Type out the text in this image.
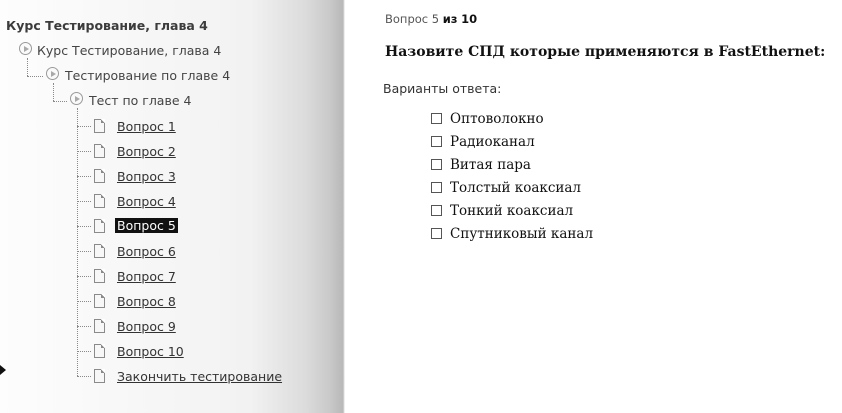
Курс Тестирование, глава 4
Курс Тестирование, глава 4
Тестирование по главе 4
Тест по главе 4
Вопрос 1
Вопрос 2
Вопрос 3
Вопрос 4
Вопрос 5
Вопрос 6
Вопрос 7
Вопрос 8
Вопрос 9
Вопрос 10
Закончить тестирование
Вопрос 5 из 10
Назовите СПД которые применяются в FastEthernet:
Варианты ответа:
Оптоволокно
Радиоканал
Витая пара
Толстый коаксиал
Тонкий коаксиал
Спутниковый канал
